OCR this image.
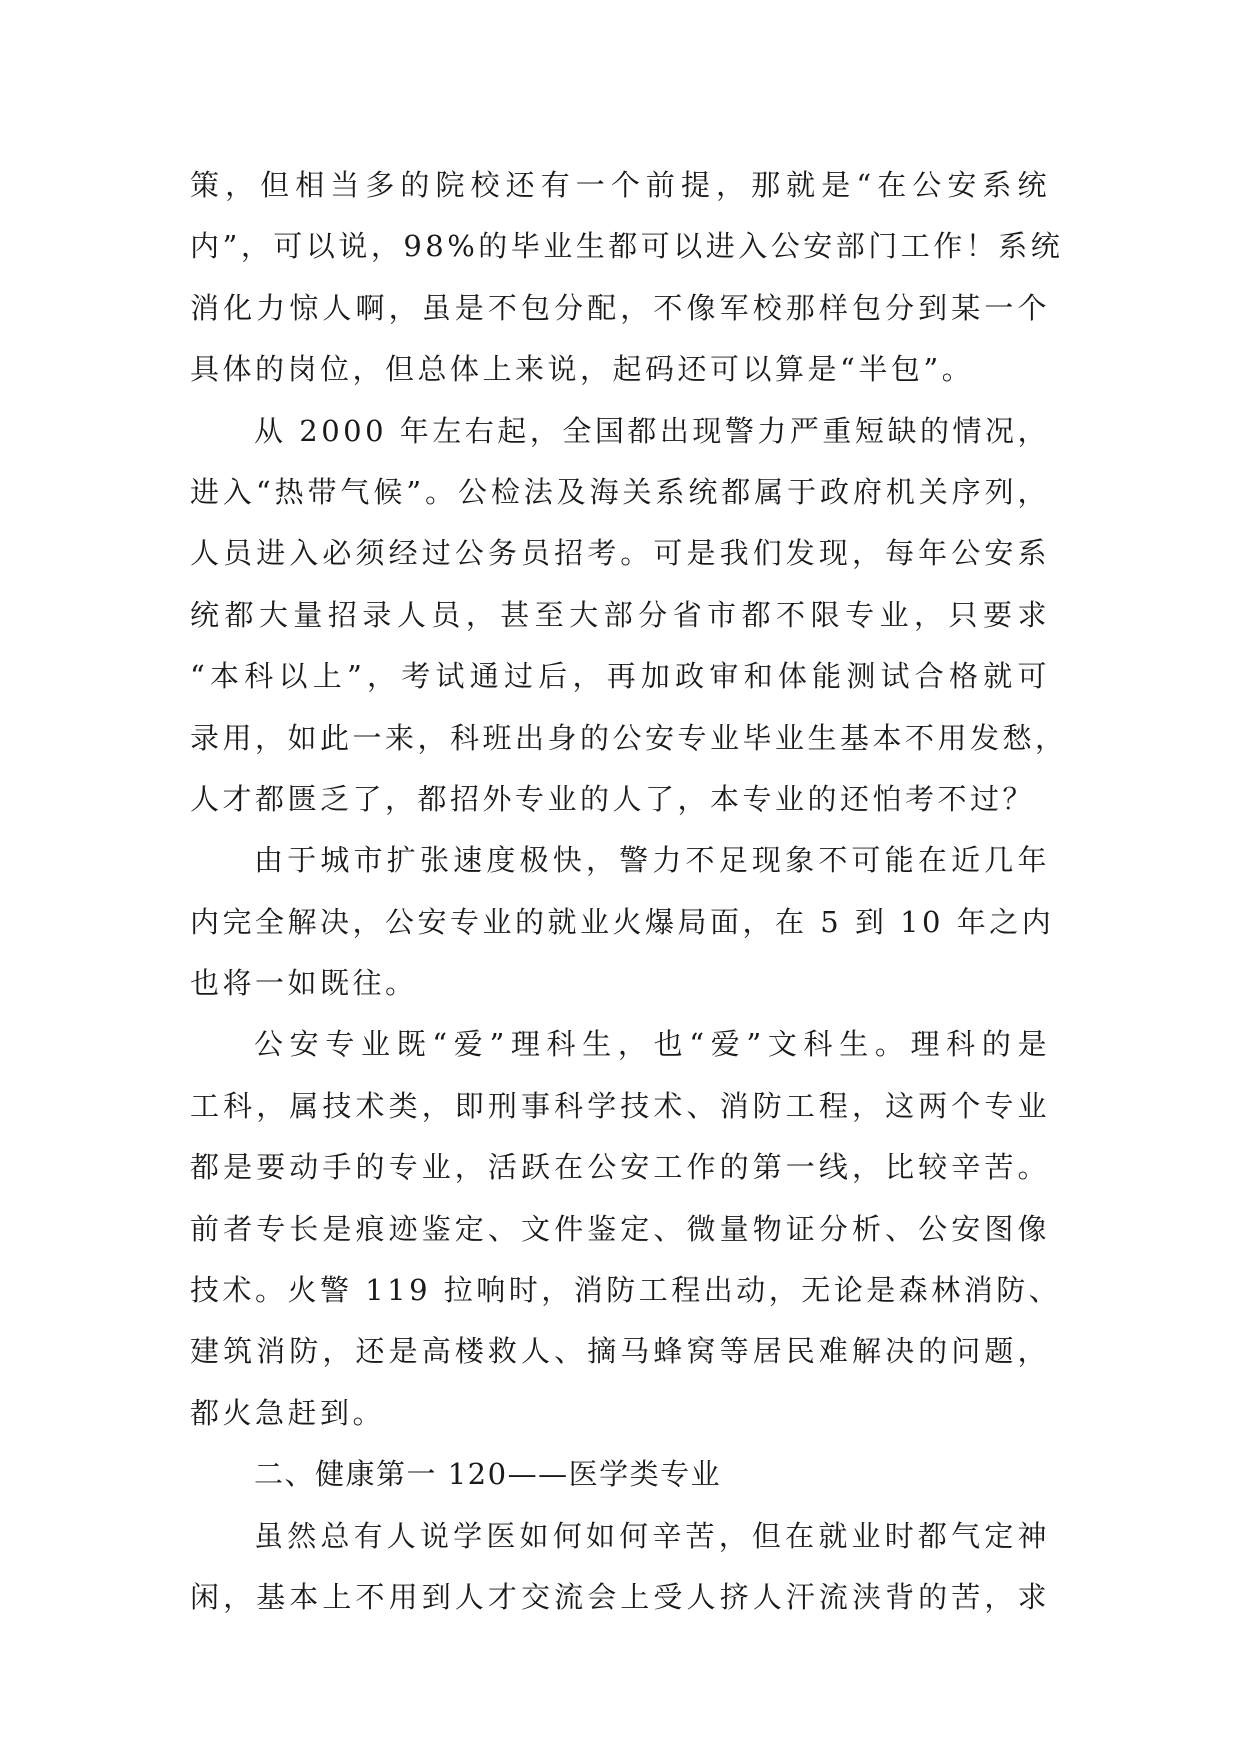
策，但相当多的院校还有一个前提，那就是“在公安系统
内”，可以说，98%的毕业生都可以进入公安部门工作！系统
消化力惊人啊，虽是不包分配，不像军校那样包分到某一个
具体的岗位，但总体上来说，起码还可以算是“半包”。
从 2000 年左右起，全国都出现警力严重短缺的情况，
进入“热带气候”。公检法及海关系统都属于政府机关序列，
人员进入必须经过公务员招考。可是我们发现，每年公安系
统都大量招录人员，甚至大部分省市都不限专业，只要求
“本科以上”，考试通过后，再加政审和体能测试合格就可
录用，如此一来，科班出身的公安专业毕业生基本不用发愁，
人才都匮乏了，都招外专业的人了，本专业的还怕考不过？
由于城市扩张速度极快，警力不足现象不可能在近几年
内完全解决，公安专业的就业火爆局面，在 5 到 10 年之内
也将一如既往。
公安专业既“爱”理科生，也“爱”文科生。理科的是
工科，属技术类，即刑事科学技术、消防工程，这两个专业
都是要动手的专业，活跃在公安工作的第一线，比较辛苦。
前者专长是痕迹鉴定、文件鉴定、微量物证分析、公安图像
技术。火警 119 拉响时，消防工程出动，无论是森林消防、
建筑消防，还是高楼救人、摘马蜂窝等居民难解决的问题，
都火急赶到。
二、健康第一 120——医学类专业
虽然总有人说学医如何如何辛苦，但在就业时都气定神
闲，基本上不用到人才交流会上受人挤人汗流浃背的苦，求
